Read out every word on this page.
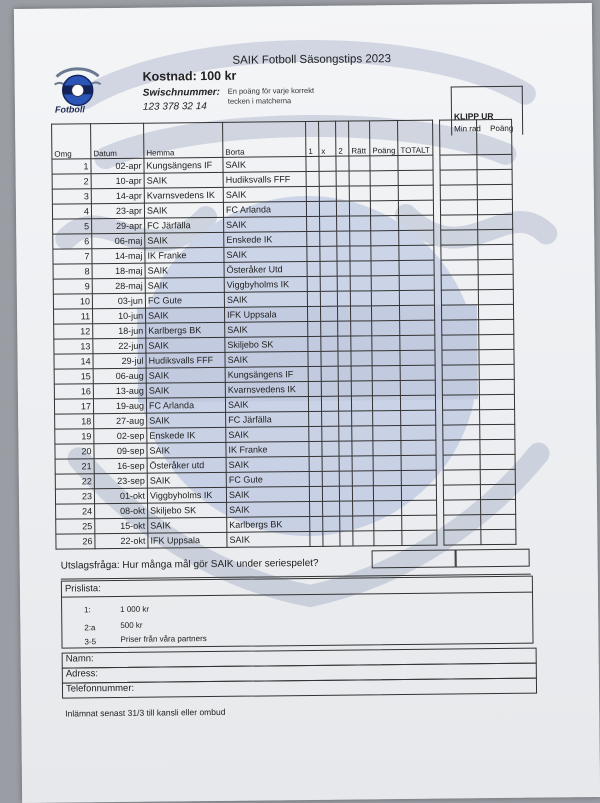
Fotboll
SAIK Fotboll Säsongstips 2023
Kostnad: 100 kr
Swischnummer:
123 378 32 14
En poäng för varje korrekt tecken i matcherna
KLIPP UR
Min rad Poäng
Omg	Datum	Hemma	Borta	1	x	2	Rätt	Poäng	TOTALT			
1	02-apr	Kungsängens IF	SAIK									
2	10-apr	SAIK	Hudiksvalls FFF									
3	14-apr	Kvarnsvedens IK	SAIK									
4	23-apr	SAIK	FC Arlanda									
5	29-apr	FC Järfälla	SAIK									
6	06-maj	SAIK	Enskede IK									
7	14-maj	IK Franke	SAIK									
8	18-maj	SAIK	Österåker Utd									
9	28-maj	SAIK	Viggbyholms IK									
10	03-jun	FC Gute	SAIK									
11	10-jun	SAIK	IFK Uppsala									
12	18-jun	Karlbergs BK	SAIK									
13	22-jun	SAIK	Skiljebo SK									
14	29-jul	Hudiksvalls FFF	SAIK									
15	06-aug	SAIK	Kungsängens IF									
16	13-aug	SAIK	Kvarnsvedens IK									
17	19-aug	FC Arlanda	SAIK									
18	27-aug	SAIK	FC Järfälla									
19	02-sep	Enskede IK	SAIK									
20	09-sep	SAIK	IK Franke									
21	16-sep	Österåker utd	SAIK									
22	23-sep	SAIK	FC Gute									
23	01-okt	Viggbyholms IK	SAIK									
24	08-okt	Skiljebo SK	SAIK									
25	15-okt	SAIK	Karlbergs BK									
26	22-okt	IFK Uppsala	SAIK									
Utslagsfråga: Hur många mål gör SAIK under seriespelet?
Prislista:
1:	1 000 kr
2:a	500 kr
3-5	Priser från våra partners
Namn:
Adress:
Telefonnummer:
Inlämnat senast 31/3 till kansli eller ombud
